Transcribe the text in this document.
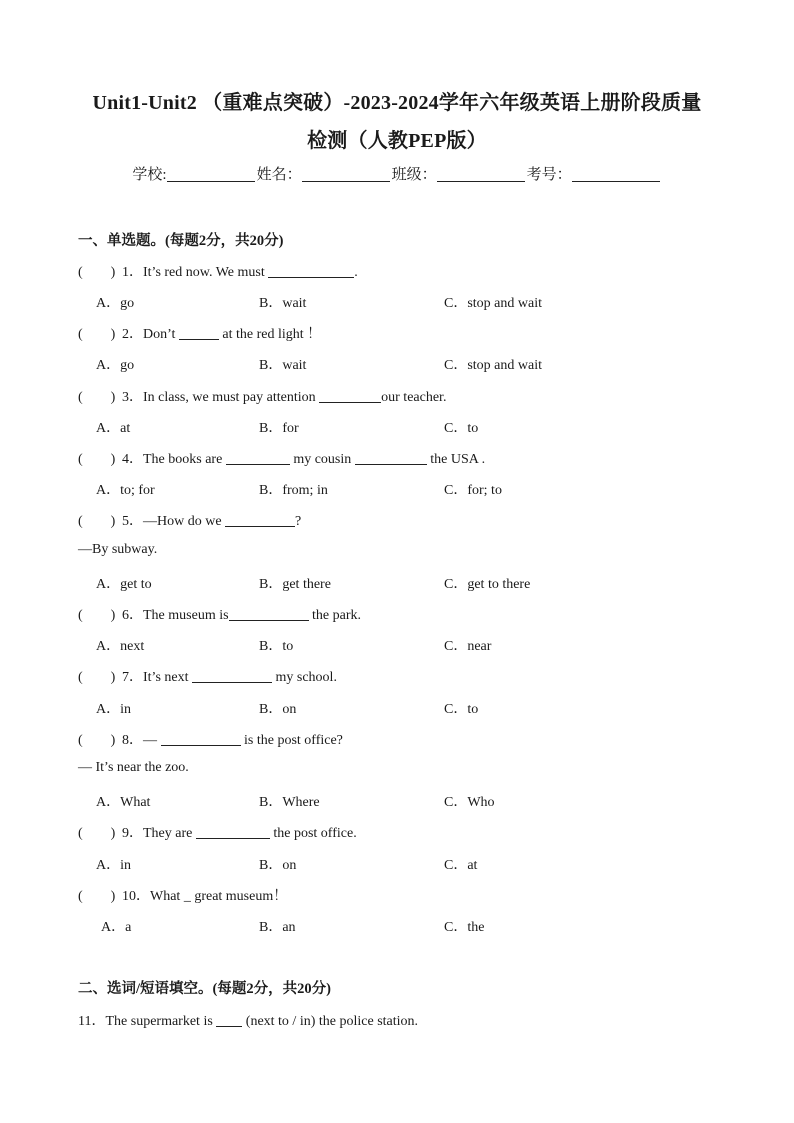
Unit1-Unit2 （重难点突破）-2023-2024学年六年级英语上册阶段质量
检测（人教PEP版）
学校:	姓名：	班级：	考号：
一、单选题。(每题2分，共20分)
(        ) 1．It’s red now. We must	.
A．go	B．wait	C．stop and wait
(        ) 2．Don’t	at the red light ！
A．go	B．wait	C．stop and wait
(        ) 3．In class, we must pay attention	our teacher.
A．at	B．for	C．to
(        ) 4．The books are	my cousin	the USA .
A．to; for	B．from; in	C．for; to
(        ) 5．—How do we	?
—By subway.
A．get to	B．get there	C．get to there
(        ) 6．The museum is	the park.
A．next	B．to	C．near
(        ) 7．It’s next	my school.
A．in	B．on	C．to
(        ) 8．—	is the post office?
— It’s near the zoo.
A．What	B．Where	C．Who
(        ) 9．They are	the post office.
A．in	B．on	C．at
(        ) 10．What _ great museum！
A．a	B．an	C．the
二、选词/短语填空。(每题2分，共20分)
11．The supermarket is  (next to / in) the police station.
